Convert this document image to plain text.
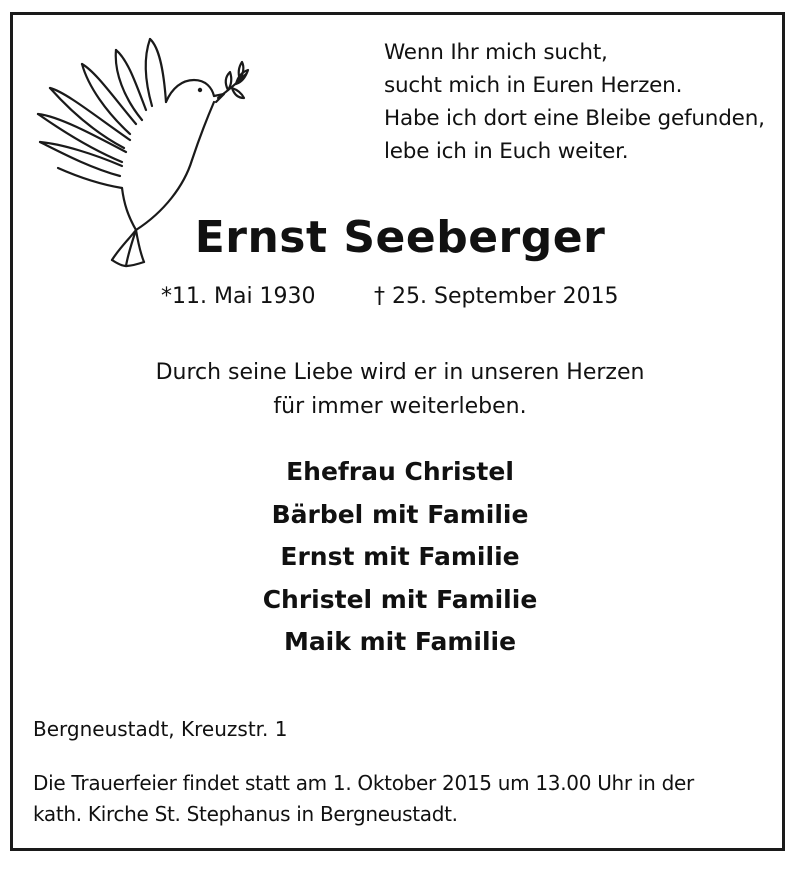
Wenn Ihr mich sucht,
sucht mich in Euren Herzen.
Habe ich dort eine Bleibe gefunden,
lebe ich in Euch weiter.
Ernst Seeberger
*11. Mai 1930	† 25. September 2015
Durch seine Liebe wird er in unseren Herzen
für immer weiterleben.
Ehefrau Christel
Bärbel mit Familie
Ernst mit Familie
Christel mit Familie
Maik mit Familie
Bergneustadt, Kreuzstr. 1
Die Trauerfeier findet statt am 1. Oktober 2015 um 13.00 Uhr in der
kath. Kirche St. Stephanus in Bergneustadt.
